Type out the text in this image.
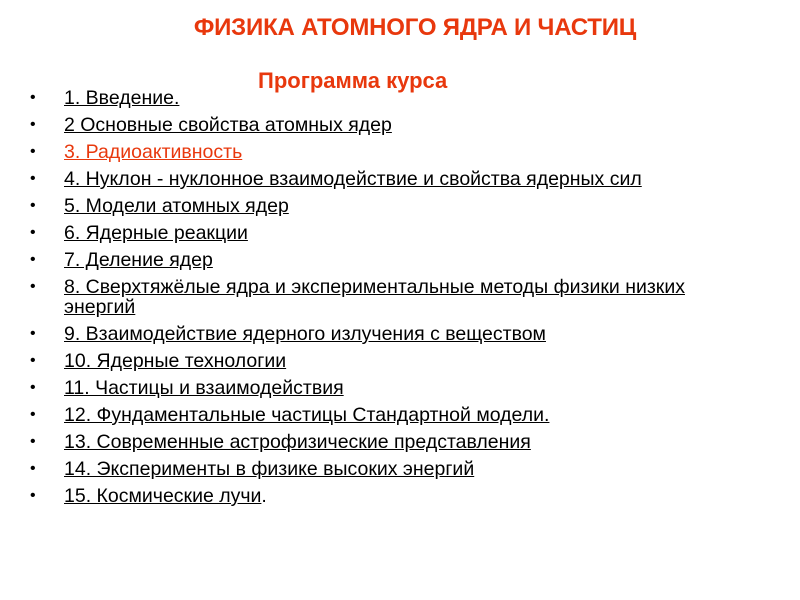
ФИЗИКА АТОМНОГО ЯДРА И ЧАСТИЦ
Программа курса
• 1. Введение.
• 2 Основные свойства атомных ядер
• 3. Радиоактивность
• 4. Нуклон - нуклонное взаимодействие и свойства ядерных сил
• 5. Модели атомных ядер
• 6. Ядерные реакции
• 7. Деление ядер
• 8. Сверхтяжёлые ядра и экспериментальные методы физики низких энергий
• 9. Взаимодействие ядерного излучения с веществом
• 10. Ядерные технологии
• 11. Частицы и взаимодействия
• 12. Фундаментальные частицы Стандартной модели.
• 13. Современные астрофизические представления
• 14. Эксперименты в физике высоких энергий
• 15. Космические лучи.
